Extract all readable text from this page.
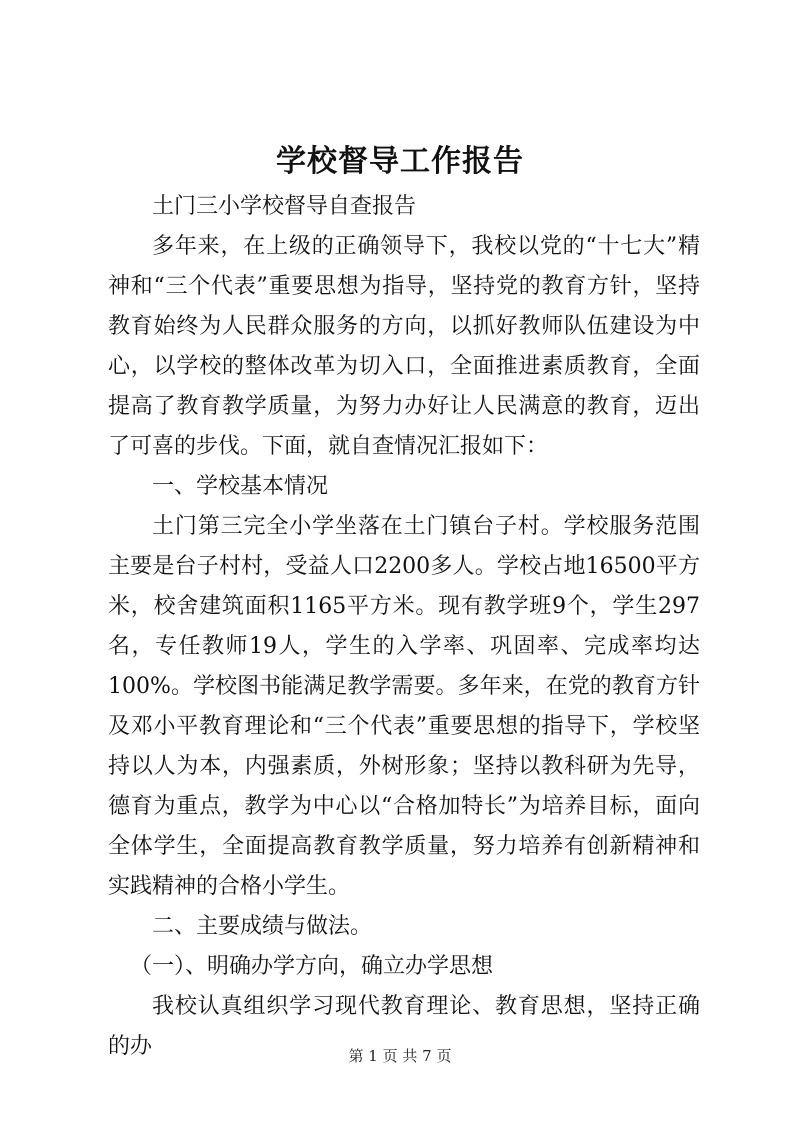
学校督导工作报告

土门三小学校督导自查报告

多年来，在上级的正确领导下，我校以党的“十七大”精神和“三个代表”重要思想为指导，坚持党的教育方针，坚持教育始终为人民群众服务的方向，以抓好教师队伍建设为中心，以学校的整体改革为切入口，全面推进素质教育，全面提高了教育教学质量，为努力办好让人民满意的教育，迈出了可喜的步伐。下面，就自查情况汇报如下：

一、学校基本情况

土门第三完全小学坐落在土门镇台子村。学校服务范围主要是台子村村，受益人口2200多人。学校占地16500平方米，校舍建筑面积1165平方米。现有教学班9个，学生297名，专任教师19人，学生的入学率、巩固率、完成率均达100%。学校图书能满足教学需要。多年来，在党的教育方针及邓小平教育理论和“三个代表”重要思想的指导下，学校坚持以人为本，内强素质，外树形象；坚持以教科研为先导，德育为重点，教学为中心以“合格加特长”为培养目标，面向全体学生，全面提高教育教学质量，努力培养有创新精神和实践精神的合格小学生。

二、主要成绩与做法。

（一）、明确办学方向，确立办学思想

我校认真组织学习现代教育理论、教育思想，坚持正确的办	第 1 页 共 7 页
